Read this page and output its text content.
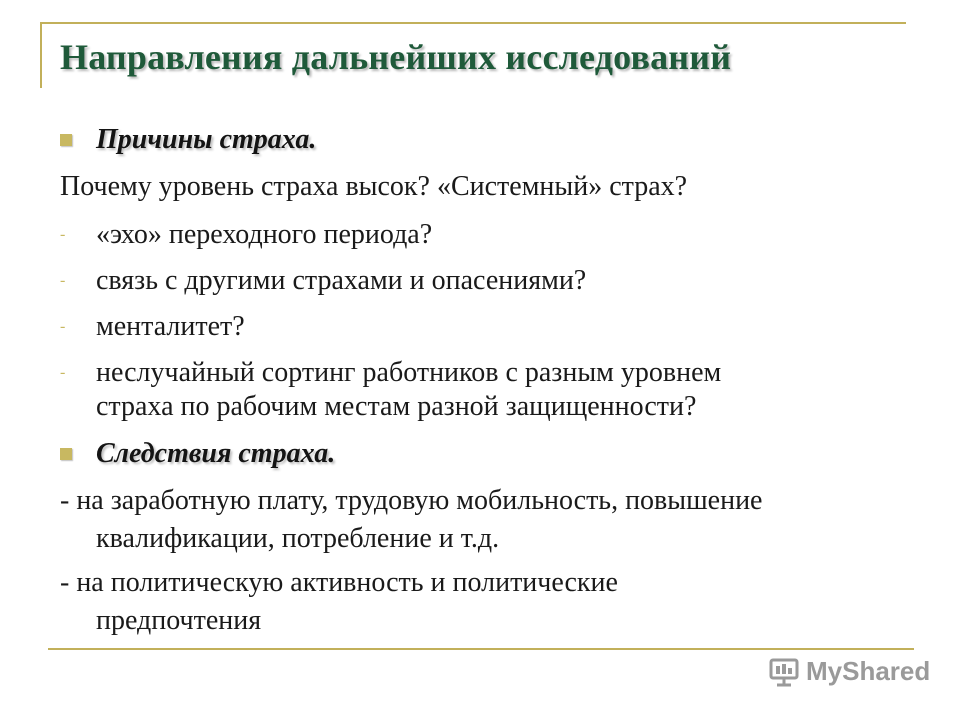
Направления дальнейших исследований
Причины страха.
Почему уровень страха высок? «Системный» страх?
- «эхо» переходного периода?
- связь с другими страхами и опасениями?
- менталитет?
- неслучайный сортинг работников с разным уровнем
страха по рабочим местам разной защищенности?
Следствия страха.
- на заработную плату, трудовую мобильность, повышение
квалификации, потребление и т.д.
- на политическую активность и политические
предпочтения
MyShared
